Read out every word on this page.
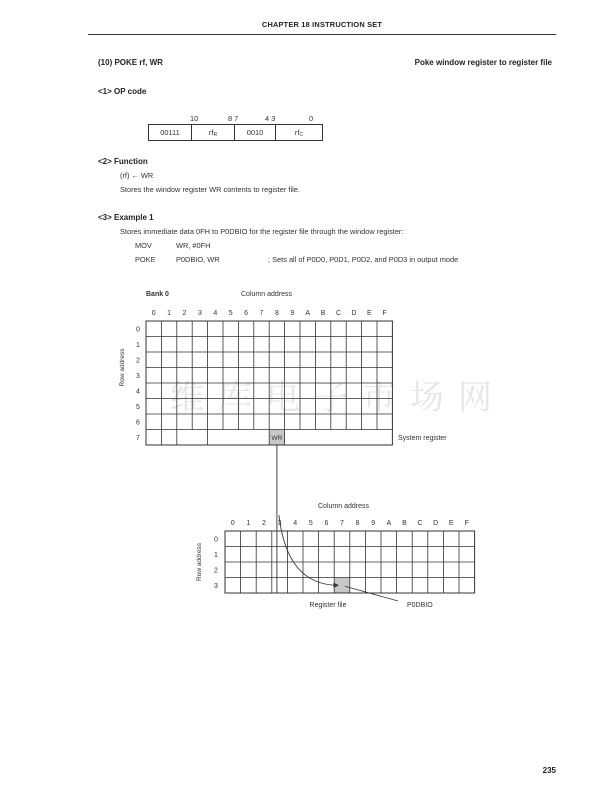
CHAPTER 18 INSTRUCTION SET
(10) POKE rf, WR	Poke window register to register file
<1> OP code
10	8 7	4 3	0
00111	$rf_R$	0010	$rf_C$
<2> Function
(rf) ← WR
Stores the window register WR contents to register file.
<3> Example 1
Stores immediate data 0FH to P0DBIO for the register file through the window register:
MOV	WR, #0FH
POKE	P0DBIO, WR	; Sets all of P0D0, P0D1, P0D2, and P0D3 in output mode
维库电子市场网
Bank 0	Column address
0 1 2 3 4 5 6 7 8 9 A B C D E F
0
1
2
3
4
5
6
7
Row address
WR	System register
Column address
0 1 2 3 4 5 6 7 8 9 A B C D E F
0
1
2
3
Row address
Register file	P0DBIO
235
